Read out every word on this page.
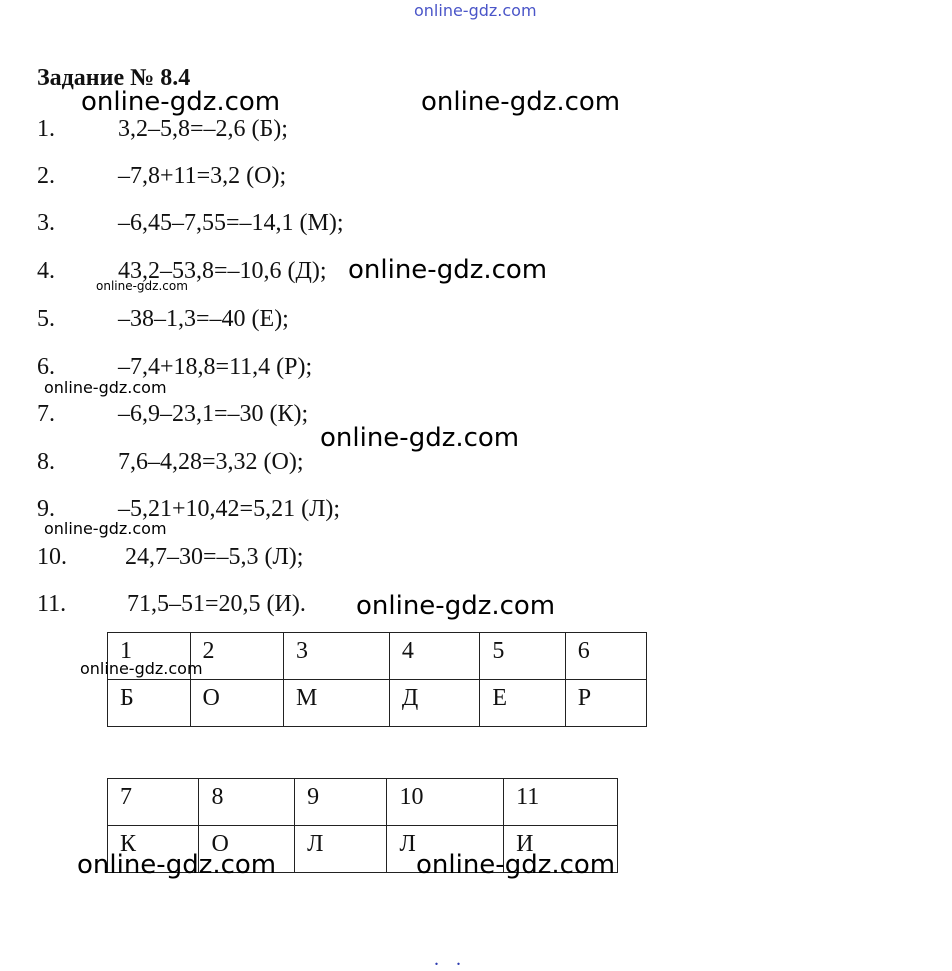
online-gdz.com
Задание № 8.4
1.	3,2–5,8=–2,6 (Б);
2.	–7,8+11=3,2 (О);
3.	–6,45–7,55=–14,1 (М);
4.	43,2–53,8=–10,6 (Д);
5.	–38–1,3=–40 (Е);
6.	–7,4+18,8=11,4 (Р);
7.	–6,9–23,1=–30 (К);
8.	7,6–4,28=3,32 (О);
9.	–5,21+10,42=5,21 (Л);
10. 24,7–30=–5,3 (Л);
11.	71,5–51=20,5 (И).
1	2	3	4	5	6
Б	О	М	Д	Е	Р
7	8	9	10	11
К	О	Л	Л	И
online-gdz.com	online-gdz.com
online-gdz.com
online-gdz.com
online-gdz.com
online-gdz.com
online-gdz.com
online-gdz.com
online-gdz.com
online-gdz.com	online-gdz.com
. .
